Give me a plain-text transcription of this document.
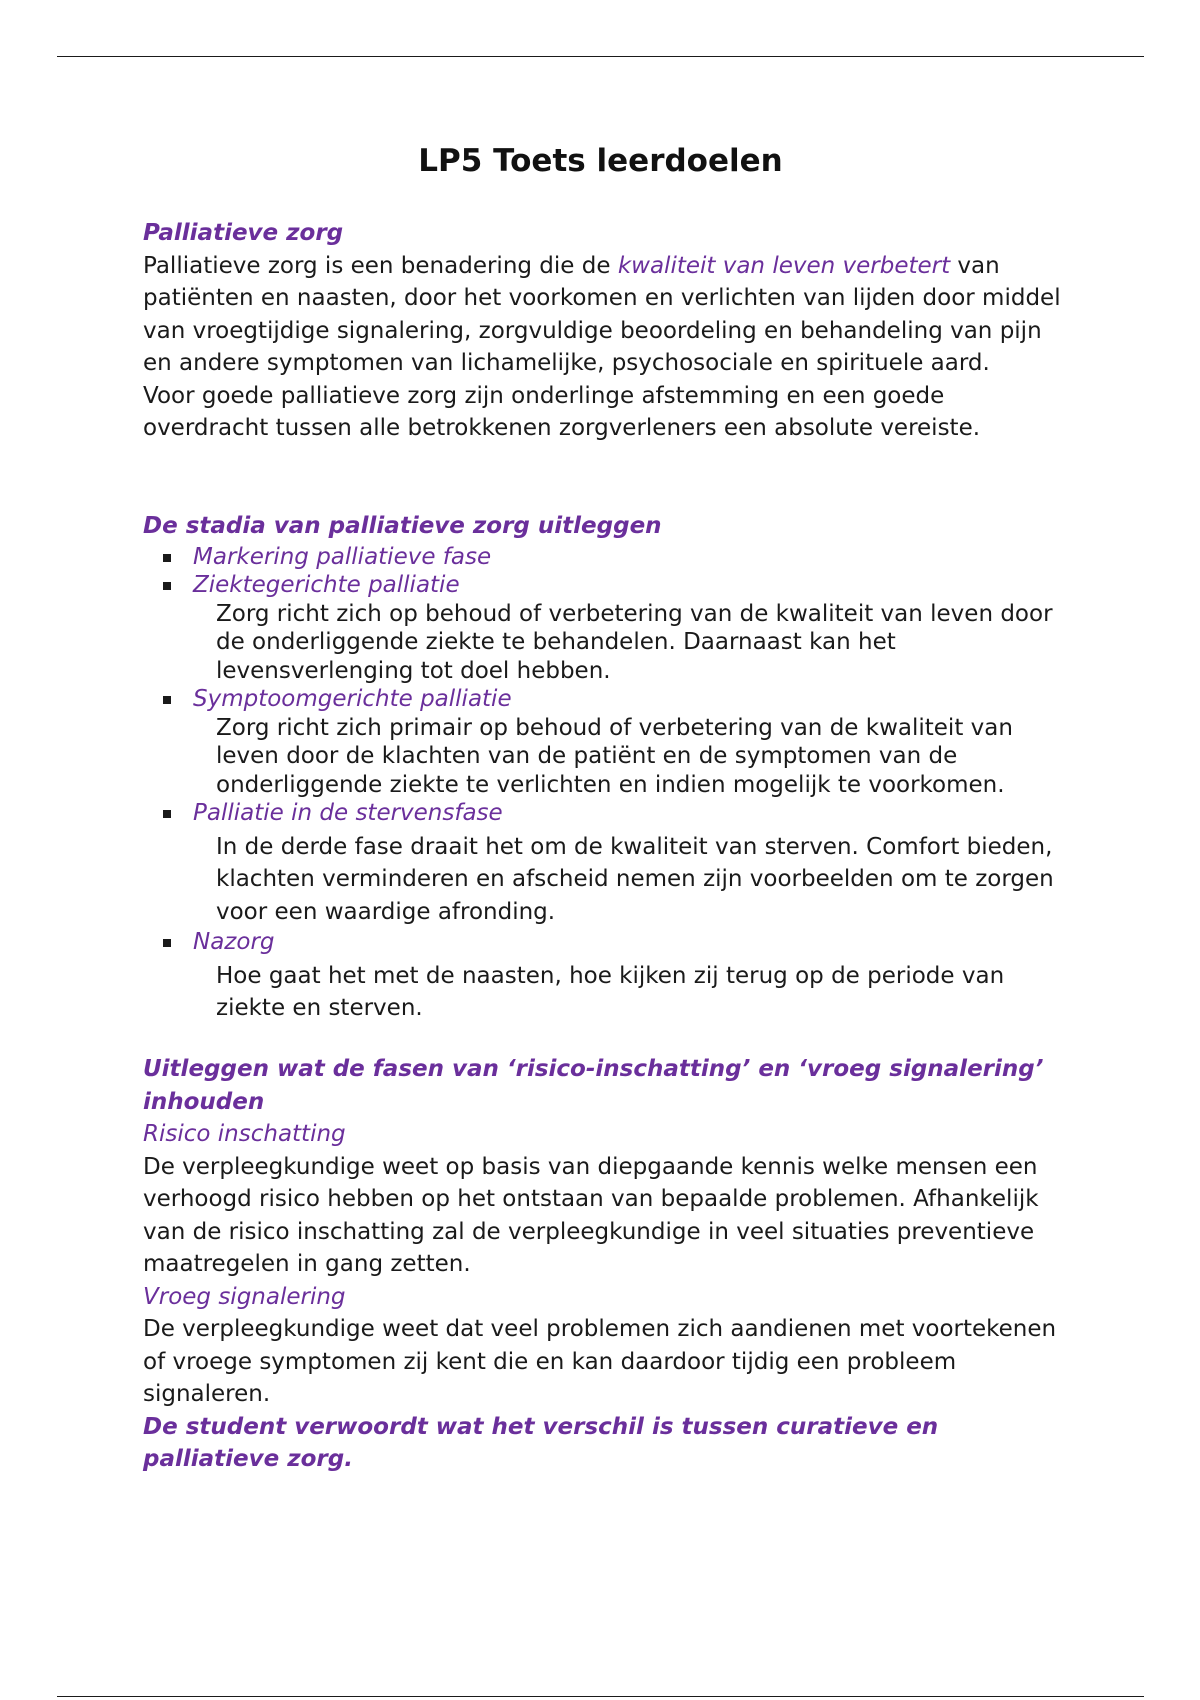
LP5 Toets leerdoelen
Palliatieve zorg

Palliatieve zorg is een benadering die de kwaliteit van leven verbetert van patiënten en naasten, door het voorkomen en verlichten van lijden door middel van vroegtijdige signalering, zorgvuldige beoordeling en behandeling van pijn en andere symptomen van lichamelijke, psychosociale en spirituele aard.

Voor goede palliatieve zorg zijn onderlinge afstemming en een goede overdracht tussen alle betrokkenen zorgverleners een absolute vereiste.

De stadia van palliatieve zorg uitleggen
Markering palliatieve fase
Ziektegerichte palliatie
Zorg richt zich op behoud of verbetering van de kwaliteit van leven door de onderliggende ziekte te behandelen. Daarnaast kan het levensverlenging tot doel hebben.
Symptoomgerichte palliatie
Zorg richt zich primair op behoud of verbetering van de kwaliteit van leven door de klachten van de patiënt en de symptomen van de onderliggende ziekte te verlichten en indien mogelijk te voorkomen.
Palliatie in de stervensfase
In de derde fase draait het om de kwaliteit van sterven. Comfort bieden, klachten verminderen en afscheid nemen zijn voorbeelden om te zorgen voor een waardige afronding.
Nazorg
Hoe gaat het met de naasten, hoe kijken zij terug op de periode van ziekte en sterven.
Uitleggen wat de fasen van ‘risico-inschatting’ en ‘vroeg signalering’ inhouden

Risico inschatting

De verpleegkundige weet op basis van diepgaande kennis welke mensen een verhoogd risico hebben op het ontstaan van bepaalde problemen. Afhankelijk van de risico inschatting zal de verpleegkundige in veel situaties preventieve maatregelen in gang zetten.

Vroeg signalering

De verpleegkundige weet dat veel problemen zich aandienen met voortekenen of vroege symptomen zij kent die en kan daardoor tijdig een probleem signaleren.

De student verwoordt wat het verschil is tussen curatieve en palliatieve zorg.
